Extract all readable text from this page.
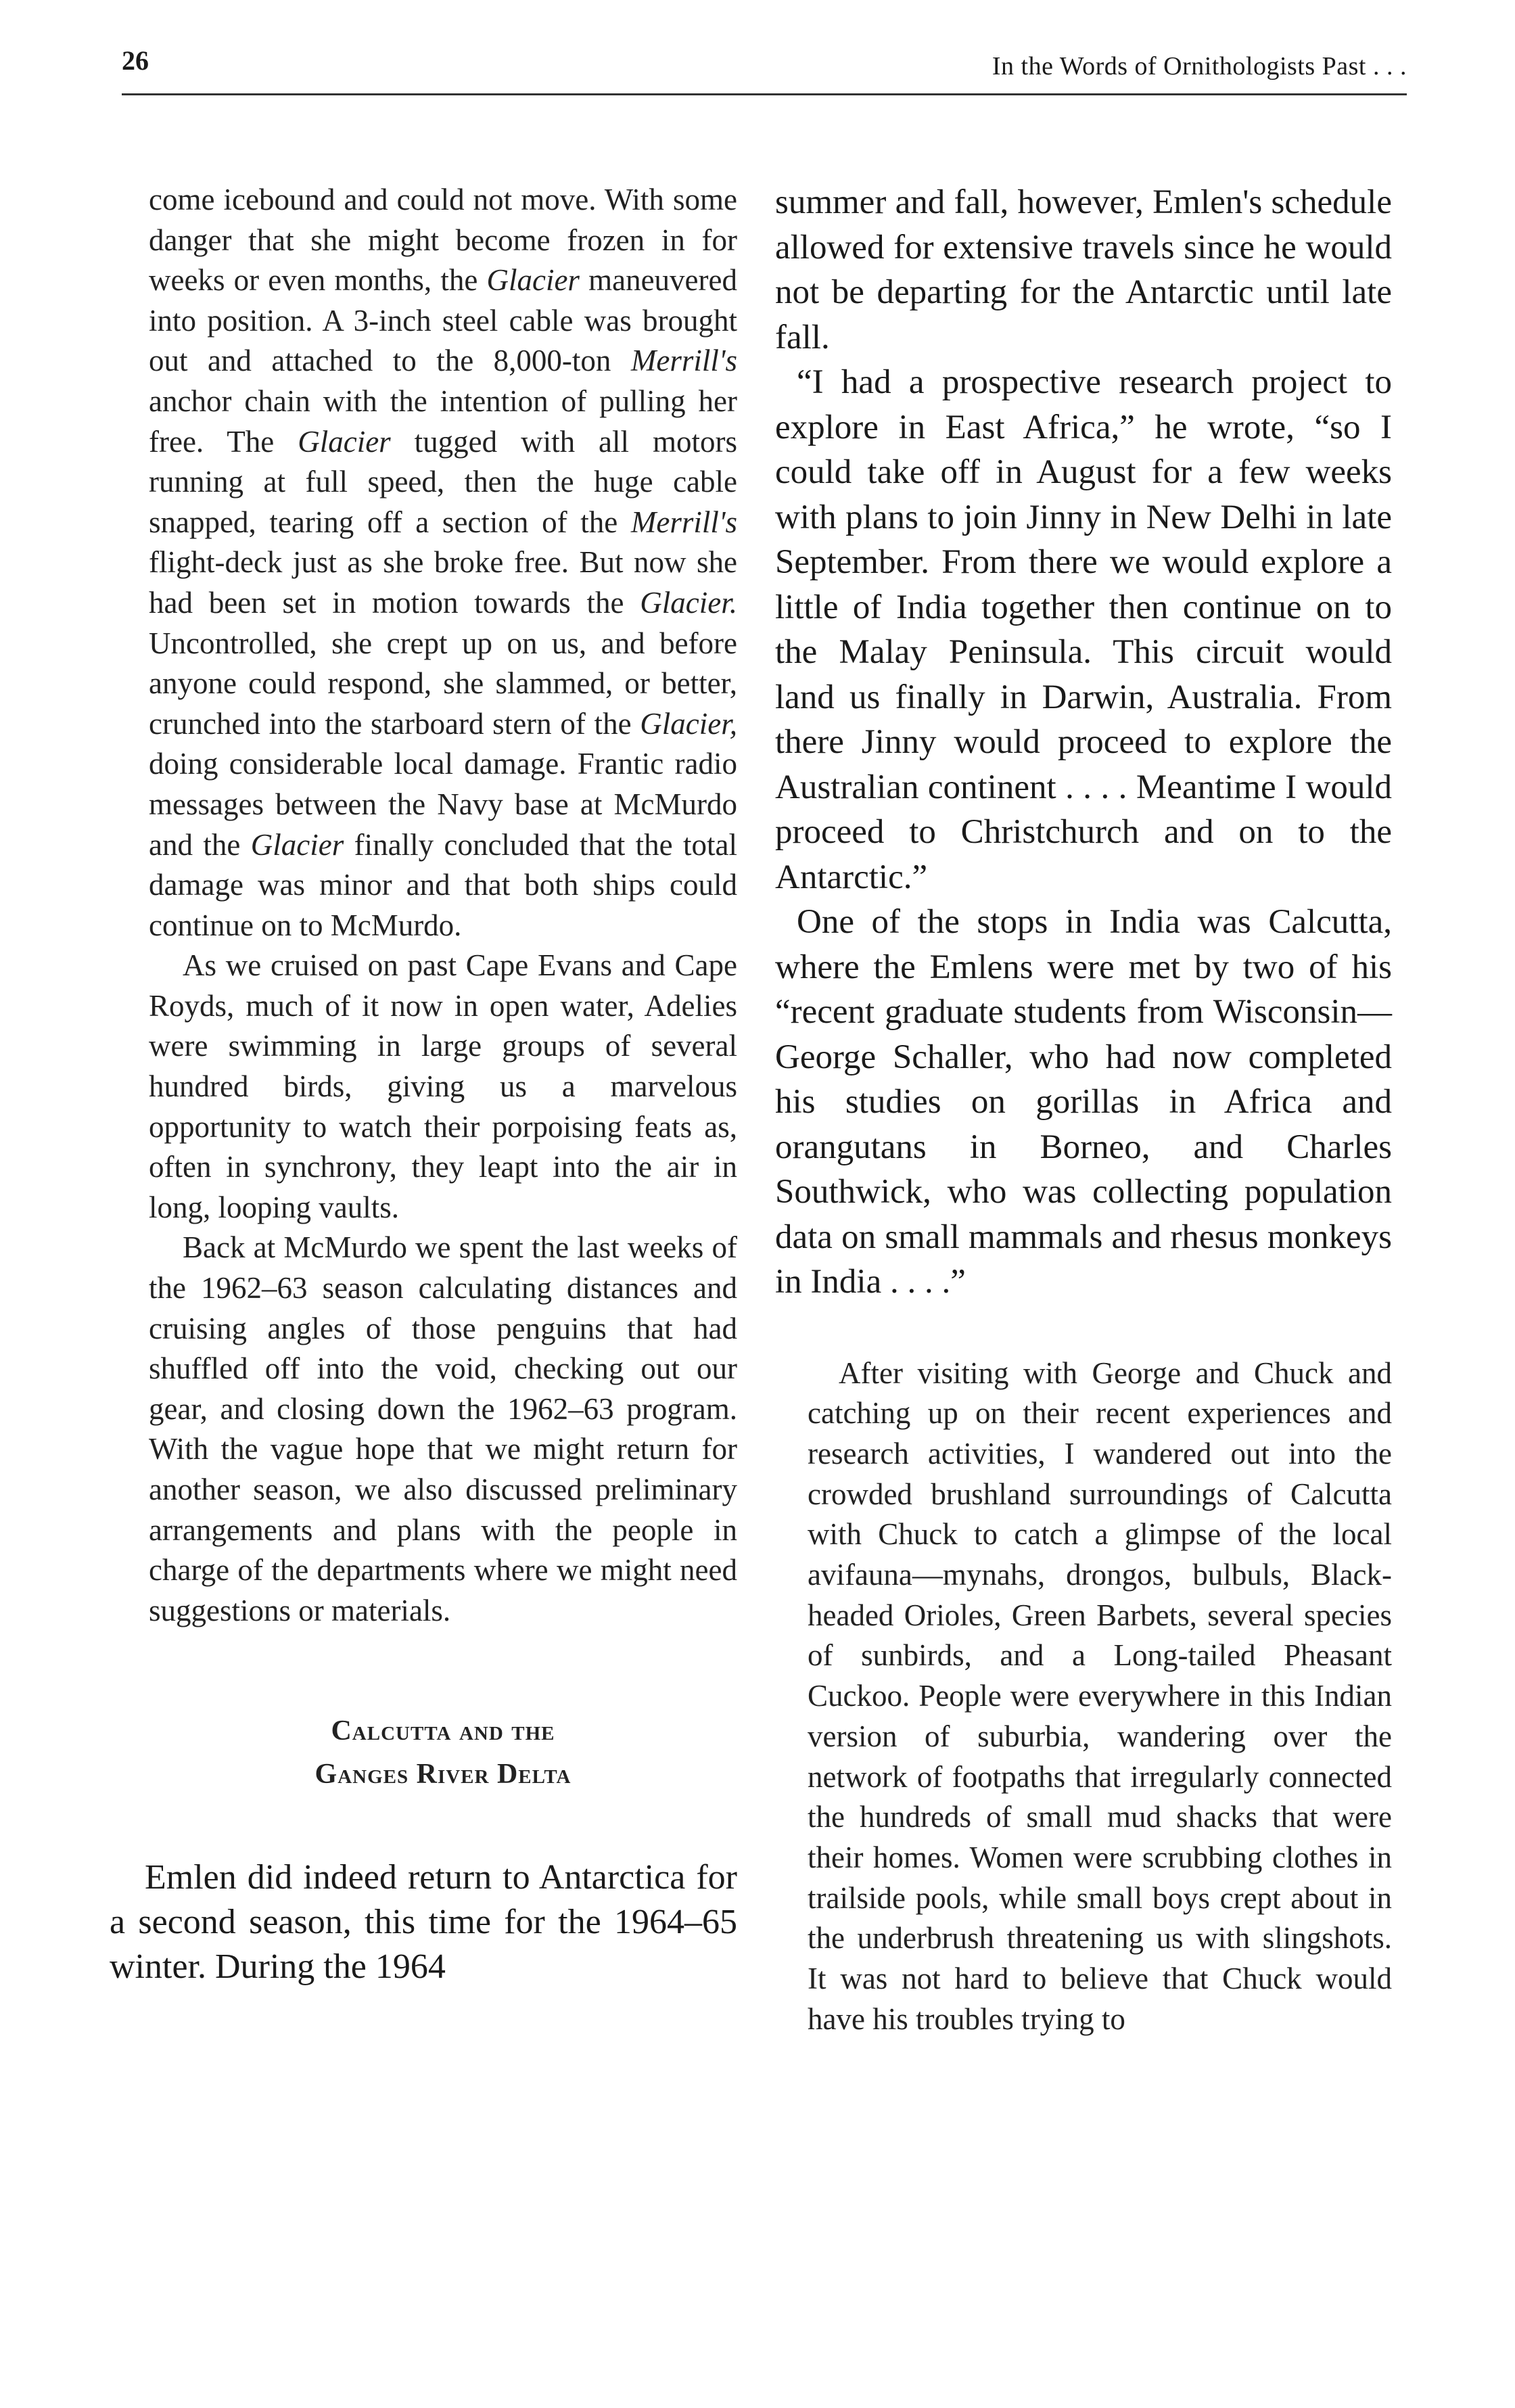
26	In the Words of Ornithologists Past . . .

come icebound and could not move. With some danger that she might become frozen in for weeks or even months, the Glacier maneuvered into position. A 3-inch steel cable was brought out and attached to the 8,000-ton Merrill's anchor chain with the intention of pulling her free. The Glacier tugged with all motors running at full speed, then the huge cable snapped, tearing off a section of the Merrill's flight-deck just as she broke free. But now she had been set in motion towards the Glacier. Uncontrolled, she crept up on us, and before anyone could respond, she slammed, or better, crunched into the starboard stern of the Glacier, doing considerable local damage. Frantic radio messages between the Navy base at McMurdo and the Glacier finally concluded that the total damage was minor and that both ships could continue on to McMurdo.

As we cruised on past Cape Evans and Cape Royds, much of it now in open water, Adelies were swimming in large groups of several hundred birds, giving us a marvelous opportunity to watch their porpoising feats as, often in synchrony, they leapt into the air in long, looping vaults.

Back at McMurdo we spent the last weeks of the 1962–63 season calculating distances and cruising angles of those penguins that had shuffled off into the void, checking out our gear, and closing down the 1962–63 program. With the vague hope that we might return for another season, we also discussed preliminary arrangements and plans with the people in charge of the departments where we might need suggestions or materials.

Calcutta and the
Ganges River Delta

Emlen did indeed return to Antarctica for a second season, this time for the 1964–65 winter. During the 1964

summer and fall, however, Emlen's schedule allowed for extensive travels since he would not be departing for the Antarctic until late fall.

“I had a prospective research project to explore in East Africa,” he wrote, “so I could take off in August for a few weeks with plans to join Jinny in New Delhi in late September. From there we would explore a little of India together then continue on to the Malay Peninsula. This circuit would land us finally in Darwin, Australia. From there Jinny would proceed to explore the Australian continent . . . . Meantime I would proceed to Christchurch and on to the Antarctic.”

One of the stops in India was Calcutta, where the Emlens were met by two of his “recent graduate students from Wisconsin—George Schaller, who had now completed his studies on gorillas in Africa and orangutans in Borneo, and Charles Southwick, who was collecting population data on small mammals and rhesus monkeys in India . . . .”

After visiting with George and Chuck and catching up on their recent experiences and research activities, I wandered out into the crowded brushland surroundings of Calcutta with Chuck to catch a glimpse of the local avifauna—mynahs, drongos, bulbuls, Black-headed Orioles, Green Barbets, several species of sunbirds, and a Long-tailed Pheasant Cuckoo. People were everywhere in this Indian version of suburbia, wandering over the network of footpaths that irregularly connected the hundreds of small mud shacks that were their homes. Women were scrubbing clothes in trailside pools, while small boys crept about in the underbrush threatening us with slingshots. It was not hard to believe that Chuck would have his troubles trying to
